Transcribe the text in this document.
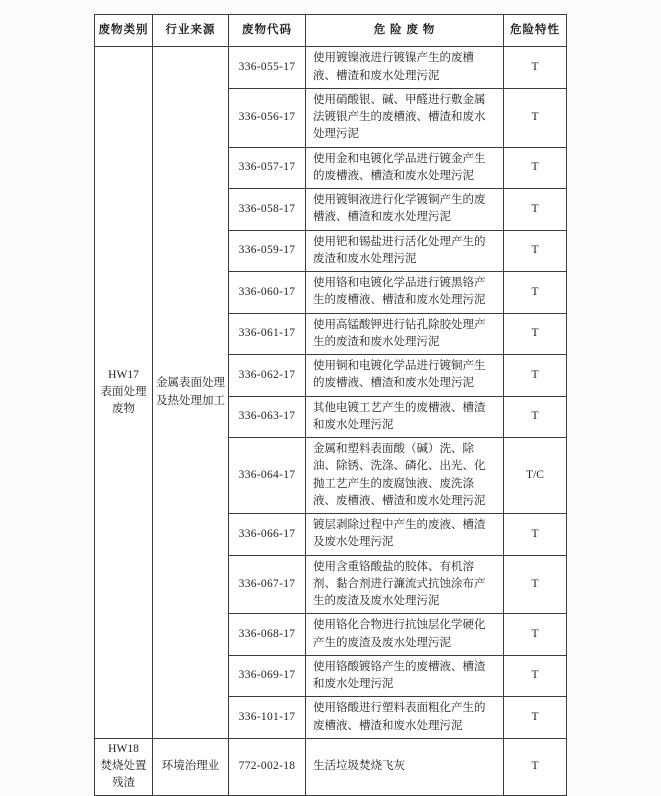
废物类别	行业来源	废物代码	危 险 废 物	危险特性

HW17
表面处理废物	金属表面处理及热处理加工	336-055-17	使用镀镍液进行镀镍产生的废槽液、槽渣和废水处理污泥	T
		336-056-17	使用硝酸银、碱、甲醛进行敷金属法镀银产生的废槽液、槽渣和废水处理污泥	T
		336-057-17	使用金和电镀化学品进行镀金产生的废槽液、槽渣和废水处理污泥	T
		336-058-17	使用镀铜液进行化学镀铜产生的废槽液、槽渣和废水处理污泥	T
		336-059-17	使用钯和锡盐进行活化处理产生的废渣和废水处理污泥	T
		336-060-17	使用铬和电镀化学品进行镀黑铬产生的废槽液、槽渣和废水处理污泥	T
		336-061-17	使用高锰酸钾进行钻孔除胶处理产生的废渣和废水处理污泥	T
		336-062-17	使用铜和电镀化学品进行镀铜产生的废槽液、槽渣和废水处理污泥	T
		336-063-17	其他电镀工艺产生的废槽液、槽渣和废水处理污泥	T
		336-064-17	金属和塑料表面酸（碱）洗、除油、除锈、洗涤、磷化、出光、化抛工艺产生的废腐蚀液、废洗涤液、废槽液、槽渣和废水处理污泥	T/C
		336-066-17	镀层剥除过程中产生的废液、槽渣及废水处理污泥	T
		336-067-17	使用含重铬酸盐的胶体、有机溶剂、黏合剂进行濂流式抗蚀涂布产生的废渣及废水处理污泥	T
		336-068-17	使用铬化合物进行抗蚀层化学硬化产生的废渣及废水处理污泥	T
		336-069-17	使用铬酸镀铬产生的废槽液、槽渣和废水处理污泥	T
		336-101-17	使用铬酸进行塑料表面粗化产生的废槽液、槽渣和废水处理污泥	T

HW18
焚烧处置残渣	环境治理业	772-002-18	生活垃圾焚烧飞灰	T
